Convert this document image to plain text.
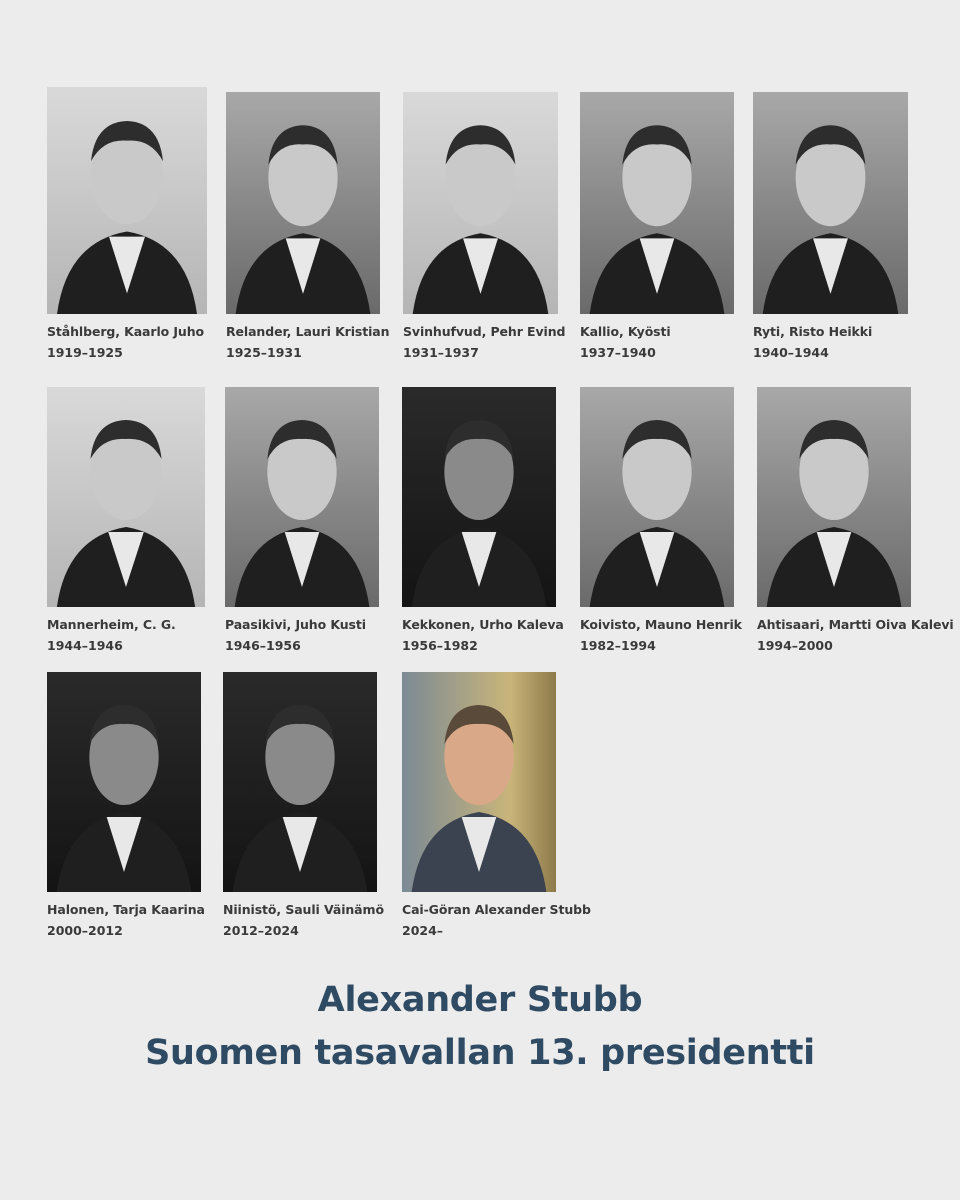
Ståhlberg, Kaarlo Juho
1919–1925
Relander, Lauri Kristian
1925–1931
Svinhufvud, Pehr Evind
1931–1937
Kallio, Kyösti
1937–1940
Ryti, Risto Heikki
1940–1944
Mannerheim, C. G.
1944–1946
Paasikivi, Juho Kusti
1946–1956
Kekkonen, Urho Kaleva
1956–1982
Koivisto, Mauno Henrik
1982–1994
Ahtisaari, Martti Oiva Kalevi
1994–2000
Halonen, Tarja Kaarina
2000–2012
Niinistö, Sauli Väinämö
2012–2024
Cai-Göran Alexander Stubb
2024–
Alexander Stubb
Suomen tasavallan 13. presidentti
